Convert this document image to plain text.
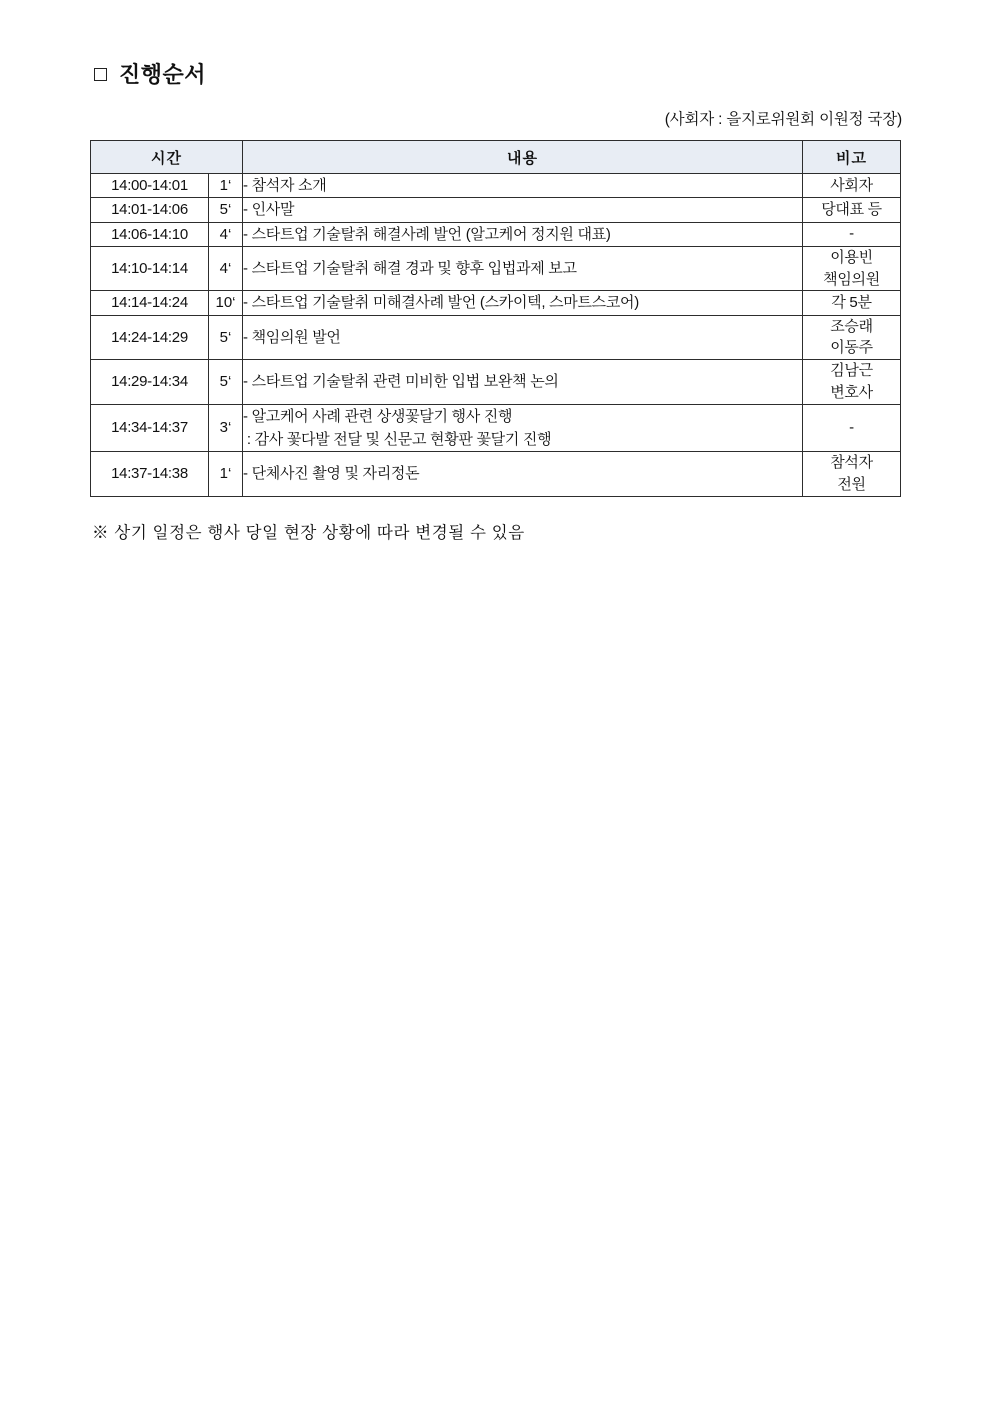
진행순서
(사회자 : 을지로위원회 이원정 국장)
시간		내용	비고
14:00-14:01	1‘	- 참석자 소개	사회자

14:01-14:06	5‘	- 인사말	당대표 등

14:06-14:10	4‘	- 스타트업 기술탈취 해결사례 발언 (알고케어 정지원 대표)	-

14:10-14:14	4‘	- 스타트업 기술탈취 해결 경과 및 향후 입법과제 보고	이용빈
책임의원

14:14-14:24	10‘	- 스타트업 기술탈취 미해결사례 발언 (스카이텍, 스마트스코어)	각 5분

14:24-14:29	5‘	- 책임의원 발언	조승래
이동주

14:29-14:34	5‘	- 스타트업 기술탈취 관련 미비한 입법 보완책 논의	김남근
변호사

14:34-14:37	3‘	- 알고케어 사례 관련 상생꽃달기 행사 진행
: 감사 꽃다발 전달 및 신문고 현황판 꽃달기 진행	-

14:37-14:38	1‘	- 단체사진 촬영 및 자리정돈	참석자
전원
※ 상기 일정은 행사 당일 현장 상황에 따라 변경될 수 있음
